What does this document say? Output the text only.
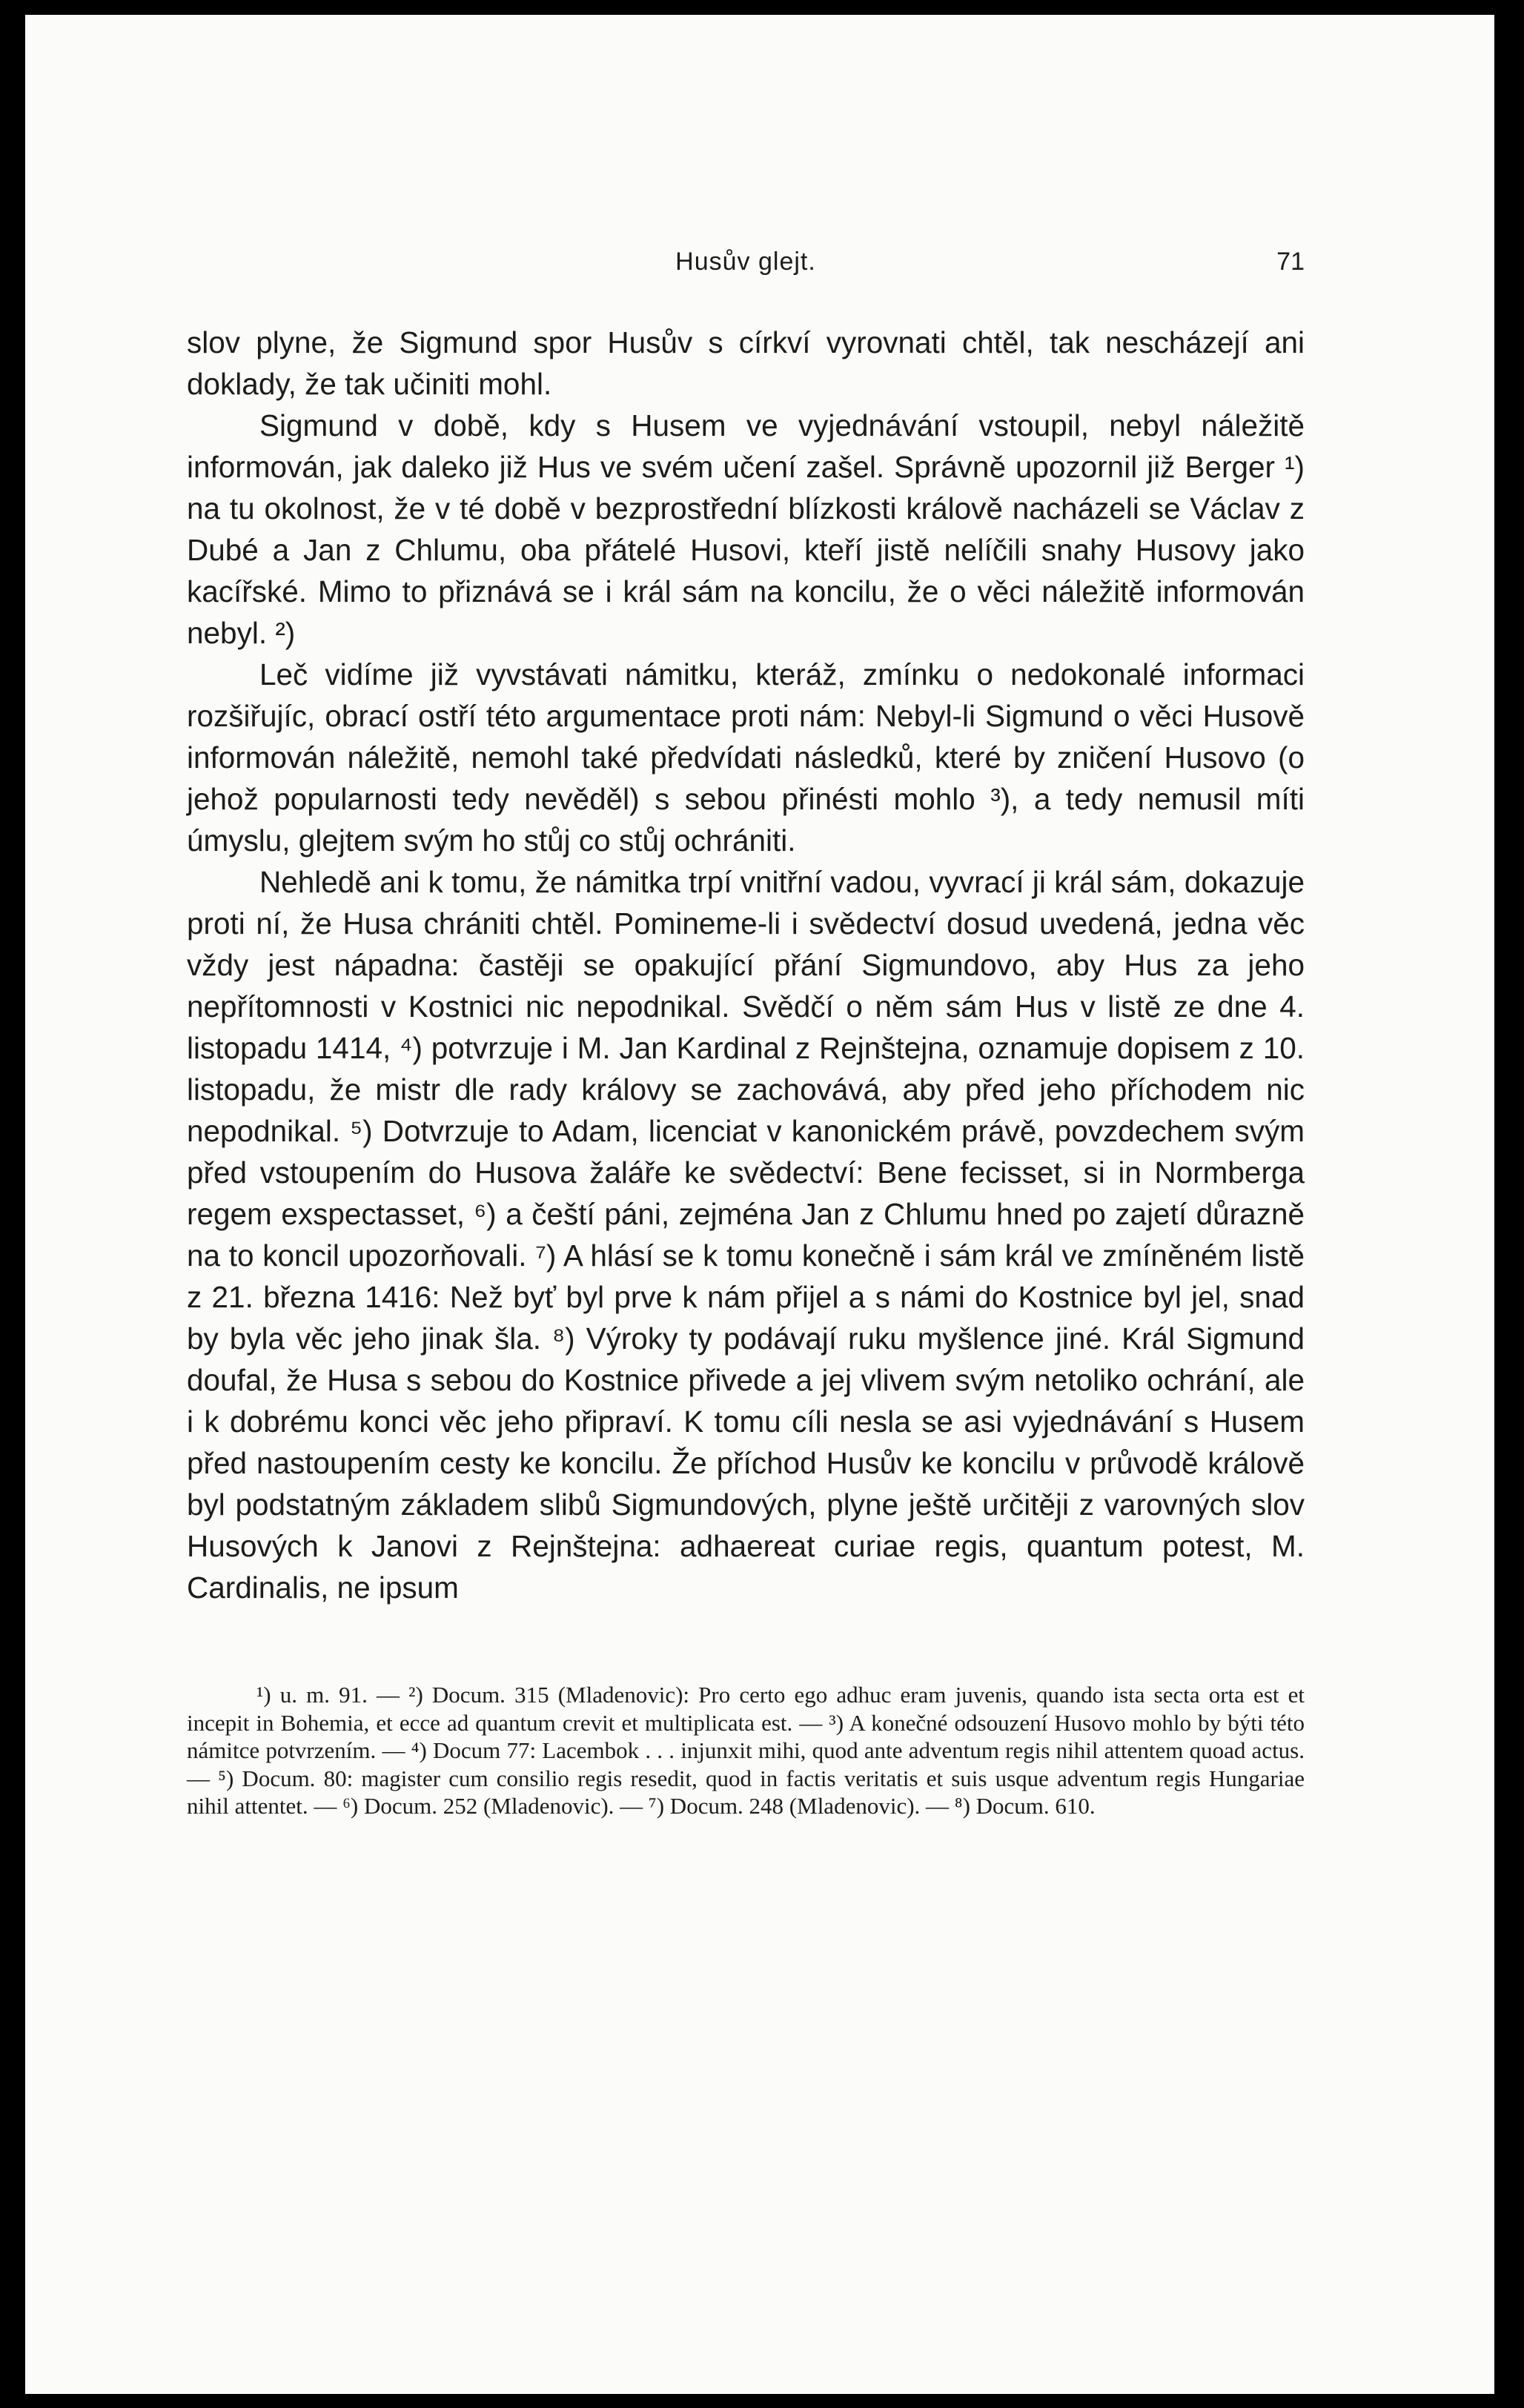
Husův glejt.	71

slov plyne, že Sigmund spor Husův s církví vyrovnati chtěl, tak nescházejí ani doklady, že tak učiniti mohl.

Sigmund v době, kdy s Husem ve vyjednávání vstoupil, nebyl náležitě informován, jak daleko již Hus ve svém učení zašel. Správně upozornil již Berger ¹) na tu okolnost, že v té době v bezprostřední blízkosti králově nacházeli se Václav z Dubé a Jan z Chlumu, oba přátelé Husovi, kteří jistě nelíčili snahy Husovy jako kacířské. Mimo to přiznává se i král sám na koncilu, že o věci náležitě informován nebyl. ²)

Leč vidíme již vyvstávati námitku, kteráž, zmínku o nedokonalé informaci rozšiřujíc, obrací ostří této argumentace proti nám: Nebyl-li Sigmund o věci Husově informován náležitě, nemohl také předvídati následků, které by zničení Husovo (o jehož popularnosti tedy nevěděl) s sebou přinésti mohlo ³), a tedy nemusil míti úmyslu, glejtem svým ho stůj co stůj ochrániti.

Nehledě ani k tomu, že námitka trpí vnitřní vadou, vyvrací ji král sám, dokazuje proti ní, že Husa chrániti chtěl. Pomineme-li i svědectví dosud uvedená, jedna věc vždy jest nápadna: častěji se opakující přání Sigmundovo, aby Hus za jeho nepřítomnosti v Kostnici nic nepodnikal. Svědčí o něm sám Hus v listě ze dne 4. listopadu 1414, ⁴) potvrzuje i M. Jan Kardinal z Rejnštejna, oznamuje dopisem z 10. listopadu, že mistr dle rady královy se zachovává, aby před jeho příchodem nic nepodnikal. ⁵) Dotvrzuje to Adam, licenciat v kanonickém právě, povzdechem svým před vstoupením do Husova žaláře ke svědectví: Bene fecisset, si in Normberga regem exspectasset, ⁶) a čeští páni, zejména Jan z Chlumu hned po zajetí důrazně na to koncil upozorňovali. ⁷) A hlásí se k tomu konečně i sám král ve zmíněném listě z 21. března 1416: Než byť byl prve k nám přijel a s námi do Kostnice byl jel, snad by byla věc jeho jinak šla. ⁸) Výroky ty podávají ruku myšlence jiné. Král Sigmund doufal, že Husa s sebou do Kostnice přivede a jej vlivem svým netoliko ochrání, ale i k dobrému konci věc jeho připraví. K tomu cíli nesla se asi vyjednávání s Husem před nastoupením cesty ke koncilu. Že příchod Husův ke koncilu v průvodě králově byl podstatným základem slibů Sigmundových, plyne ještě určitěji z varovných slov Husových k Janovi z Rejnštejna: adhaereat curiae regis, quantum potest, M. Cardinalis, ne ipsum

¹) u. m. 91. — ²) Docum. 315 (Mladenovic): Pro certo ego adhuc eram juvenis, quando ista secta orta est et incepit in Bohemia, et ecce ad quantum crevit et multiplicata est. — ³) A konečné odsouzení Husovo mohlo by býti této námitce potvrzením. — ⁴) Docum 77: Lacembok . . . injunxit mihi, quod ante adventum regis nihil attentem quoad actus. — ⁵) Docum. 80: magister cum consilio regis resedit, quod in factis veritatis et suis usque adventum regis Hungariae nihil attentet. — ⁶) Docum. 252 (Mladenovic). — ⁷) Docum. 248 (Mladenovic). — ⁸) Docum. 610.
